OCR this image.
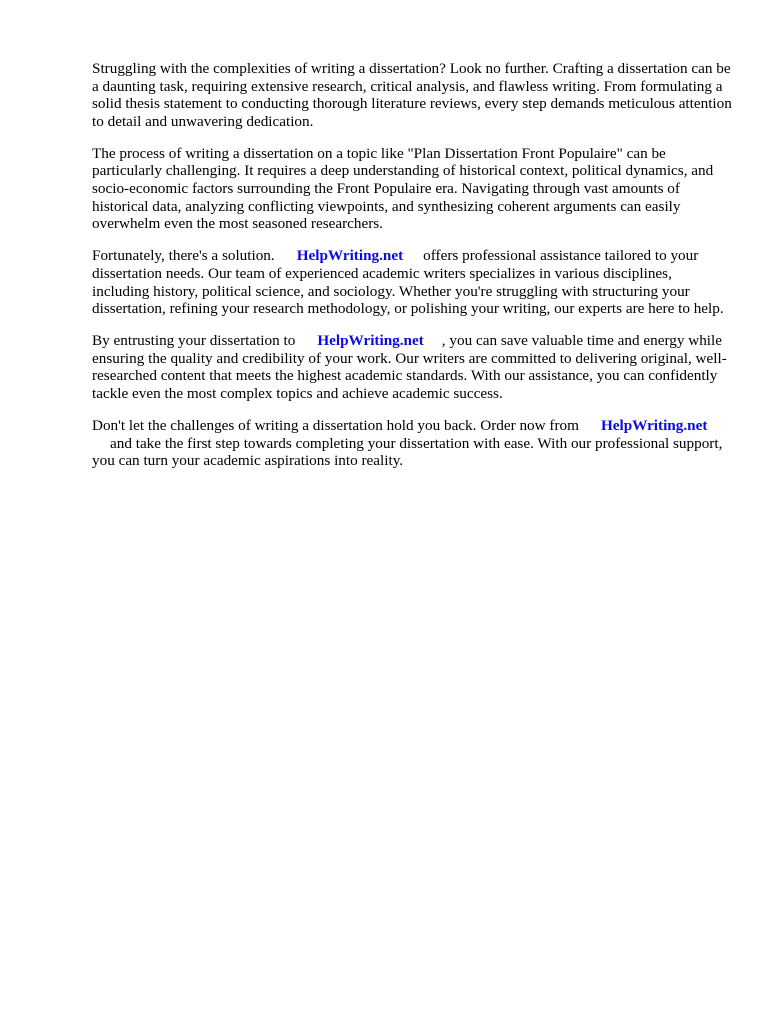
Struggling with the complexities of writing a dissertation? Look no further. Crafting a dissertation can be a daunting task, requiring extensive research, critical analysis, and flawless writing. From formulating a solid thesis statement to conducting thorough literature reviews, every step demands meticulous attention to detail and unwavering dedication.

The process of writing a dissertation on a topic like "Plan Dissertation Front Populaire" can be particularly challenging. It requires a deep understanding of historical context, political dynamics, and socio-economic factors surrounding the Front Populaire era. Navigating through vast amounts of historical data, analyzing conflicting viewpoints, and synthesizing coherent arguments can easily overwhelm even the most seasoned researchers.

Fortunately, there's a solution. HelpWriting.net offers professional assistance tailored to your dissertation needs. Our team of experienced academic writers specializes in various disciplines, including history, political science, and sociology. Whether you're struggling with structuring your dissertation, refining your research methodology, or polishing your writing, our experts are here to help.

By entrusting your dissertation to HelpWriting.net , you can save valuable time and energy while ensuring the quality and credibility of your work. Our writers are committed to delivering original, well-researched content that meets the highest academic standards. With our assistance, you can confidently tackle even the most complex topics and achieve academic success.

Don't let the challenges of writing a dissertation hold you back. Order now from HelpWriting.net
and take the first step towards completing your dissertation with ease. With our professional support, you can turn your academic aspirations into reality.
